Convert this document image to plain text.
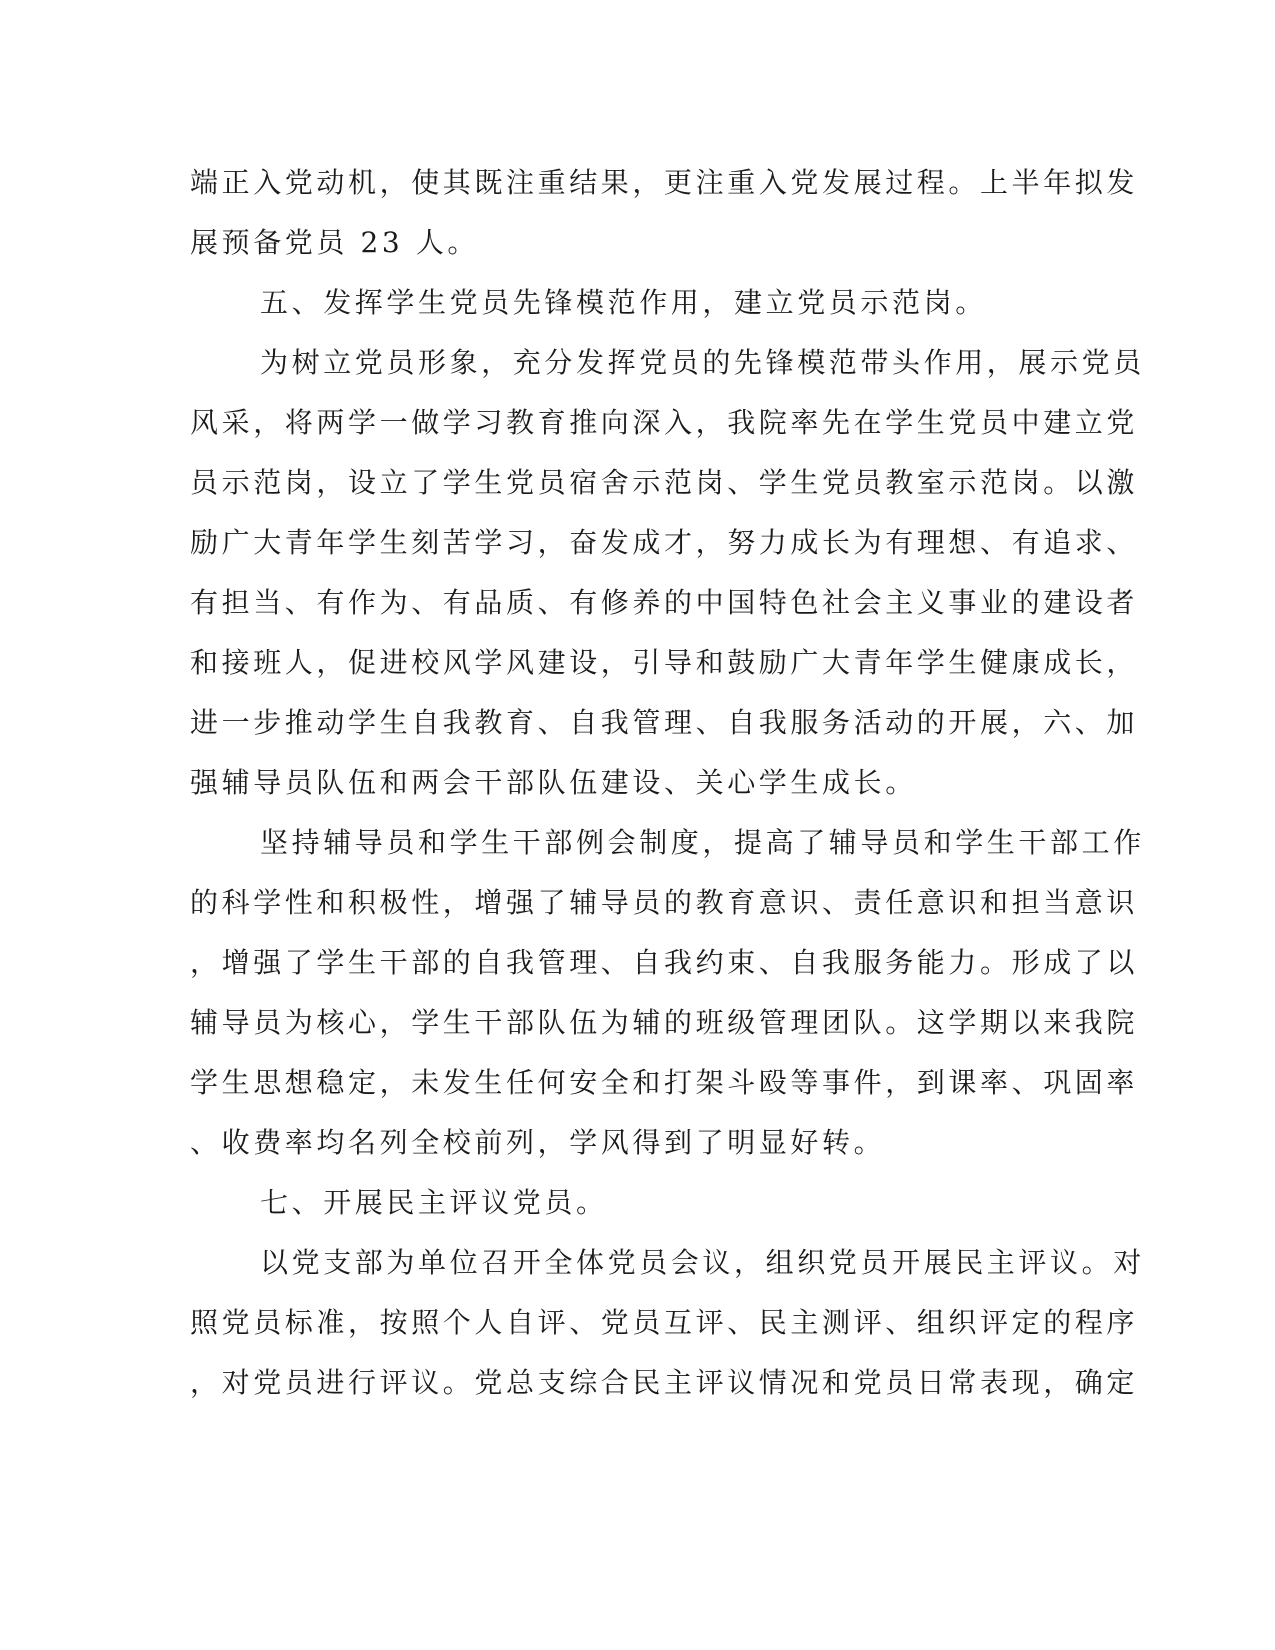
端正入党动机，使其既注重结果，更注重入党发展过程。上半年拟发
展预备党员 23 人。
五、发挥学生党员先锋模范作用，建立党员示范岗。
为树立党员形象，充分发挥党员的先锋模范带头作用，展示党员
风采，将两学一做学习教育推向深入，我院率先在学生党员中建立党
员示范岗，设立了学生党员宿舍示范岗、学生党员教室示范岗。以激
励广大青年学生刻苦学习，奋发成才，努力成长为有理想、有追求、
有担当、有作为、有品质、有修养的中国特色社会主义事业的建设者
和接班人，促进校风学风建设，引导和鼓励广大青年学生健康成长，
进一步推动学生自我教育、自我管理、自我服务活动的开展，六、加
强辅导员队伍和两会干部队伍建设、关心学生成长。
坚持辅导员和学生干部例会制度，提高了辅导员和学生干部工作
的科学性和积极性，增强了辅导员的教育意识、责任意识和担当意识
，增强了学生干部的自我管理、自我约束、自我服务能力。形成了以
辅导员为核心，学生干部队伍为辅的班级管理团队。这学期以来我院
学生思想稳定，未发生任何安全和打架斗殴等事件，到课率、巩固率
、收费率均名列全校前列，学风得到了明显好转。
七、开展民主评议党员。
以党支部为单位召开全体党员会议，组织党员开展民主评议。对
照党员标准，按照个人自评、党员互评、民主测评、组织评定的程序
，对党员进行评议。党总支综合民主评议情况和党员日常表现，确定
